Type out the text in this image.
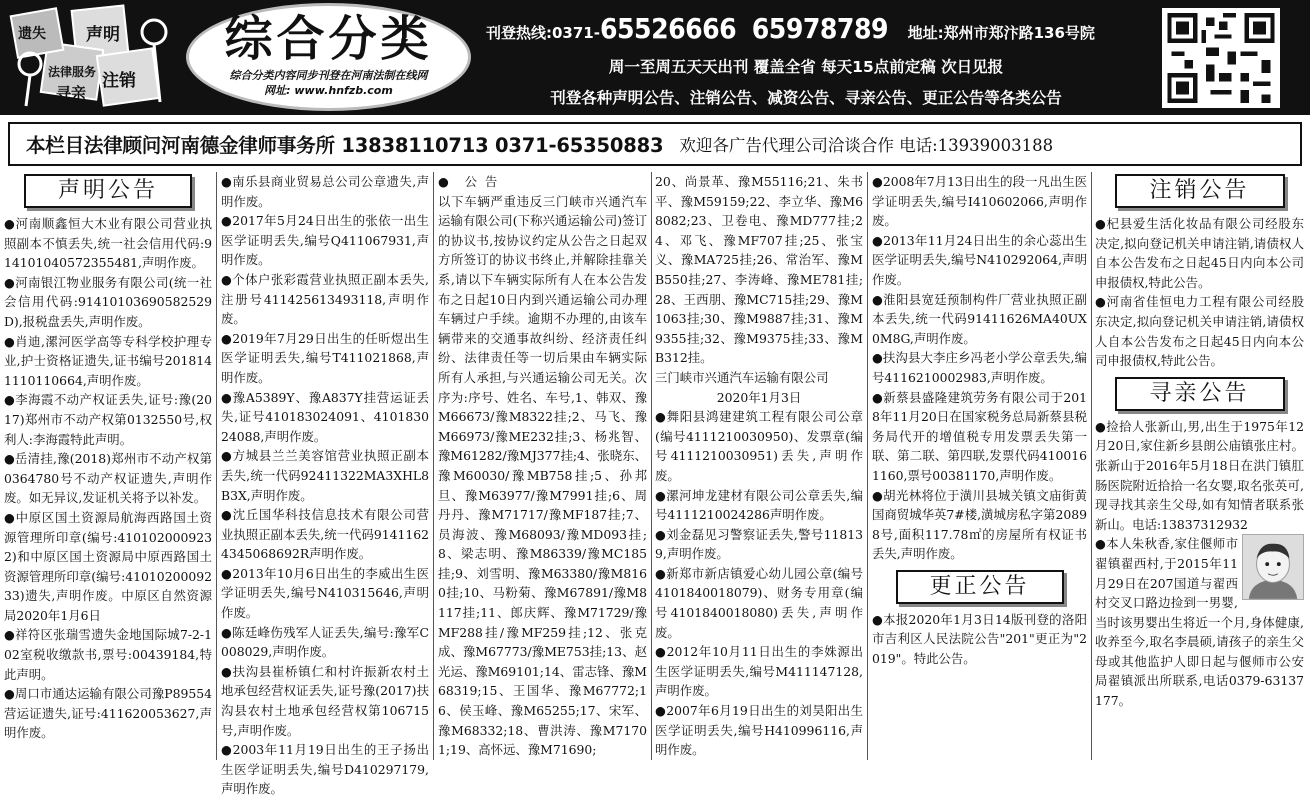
声明
注销
遗失
法律服务
寻亲
综合分类
综合分类内容同步刊登在河南法制在线网
网址: www.hnfzb.com
刊登热线:0371-65526666 65978789 地址:郑州市郑汴路136号院
周一至周五天天出刊 覆盖全省 每天15点前定稿 次日见报
刊登各种声明公告、注销公告、减资公告、寻亲公告、更正公告等各类公告
本栏目法律顾问河南德金律师事务所 13838110713 0371-65350883 欢迎各广告代理公司洽谈合作 电话:13939003188
声明公告

●河南顺鑫恒大木业有限公司营业执照副本不慎丢失,统一社会信用代码:914101040572355481,声明作废。

●河南银江物业服务有限公司(统一社会信用代码:91410103690582529D),报税盘丢失,声明作废。

●肖迪,漯河医学高等专科学校护理专业,护士资格证遗失,证书编号2018141110110664,声明作废。

●李海霞不动产权证丢失,证号:豫(2017)郑州市不动产权第0132550号,权利人:李海霞特此声明。

●岳清挂,豫(2018)郑州市不动产权第0364780号不动产权证遗失,声明作废。如无异议,发证机关将予以补发。

●中原区国土资源局航海西路国土资源管理所印章(编号:4101020009232)和中原区国土资源局中原西路国土资源管理所印章(编号:4101020009233)遗失,声明作废。中原区自然资源局2020年1月6日

●祥符区张瑞雪遗失金地国际城7-2-102室税收缴款书,票号:00439184,特此声明。

●周口市通达运输有限公司豫P89554营运证遗失,证号:411620053627,声明作废。

●南乐县商业贸易总公司公章遗失,声明作废。

●2017年5月24日出生的张依一出生医学证明丢失,编号Q411067931,声明作废。

●个体户张彩霞营业执照正副本丢失,注册号411425613493118,声明作废。

●2019年7月29日出生的任昕煜出生医学证明丢失,编号T411021868,声明作废。

●豫A5389Y、豫A837Y挂营运证丢失,证号410183024091、410183024088,声明作废。

●方城县兰兰美容馆营业执照正副本丢失,统一代码92411322MA3XHL8B3X,声明作废。

●沈丘国华科技信息技术有限公司营业执照正副本丢失,统一代码91411624345068692R声明作废。

●2013年10月6日出生的李威出生医学证明丢失,编号N410315646,声明作废。

●陈廷峰伤残军人证丢失,编号:豫军C008029,声明作废。

●扶沟县崔桥镇仁和村许振新农村土地承包经营权证丢失,证号豫(2017)扶沟县农村土地承包经营权第106715号,声明作废。

●2003年11月19日出生的王子扬出生医学证明丢失,编号D410297179,声明作废。

●    公  告

以下车辆严重违反三门峡市兴通汽车运输有限公司(下称兴通运输公司)签订的协议书,按协议约定从公告之日起双方所签订的协议书终止,并解除挂靠关系,请以下车辆实际所有人在本公告发布之日起10日内到兴通运输公司办理车辆过户手续。逾期不办理的,由该车辆带来的交通事故纠纷、经济责任纠纷、法律责任等一切后果由车辆实际所有人承担,与兴通运输公司无关。次序为:序号、姓名、车号,1、韩双、豫M66673/豫M8322挂;2、马飞、豫M66973/豫ME232挂;3、杨兆智、豫M61282/豫MJ377挂;4、张晓东、豫M60030/豫MB758挂;5、孙邦旦、豫M63977/豫M7991挂;6、周丹丹、豫M71717/豫MF187挂;7、员海波、豫M68093/豫MD093挂;8、梁志明、豫M86339/豫MC185挂;9、刘雪明、豫M63380/豫M8160挂;10、马粉菊、豫M67891/豫M8117挂;11、郎庆辉、豫M71729/豫MF288挂/豫MF259挂;12、张克成、豫M67773/豫ME753挂;13、赵光运、豫M69101;14、雷志锋、豫M68319;15、王国华、豫M67772;16、侯玉峰、豫M65255;17、宋军、豫M68332;18、曹洪涛、豫M71701;19、高怀远、豫M71690;

20、尚景革、豫M55116;21、朱书平、豫M59159;22、李立华、豫M68082;23、卫卷电、豫MD777挂;24、邓飞、豫MF707挂;25、张宝义、豫MA725挂;26、常治军、豫MB550挂;27、李涛峰、豫ME781挂;28、王西朋、豫MC715挂;29、豫M1063挂;30、豫M9887挂;31、豫M9355挂;32、豫M9375挂;33、豫MB312挂。

三门峡市兴通汽车运输有限公司

2020年1月3日

●舞阳县鸿建建筑工程有限公司公章(编号4111210030950)、发票章(编号4111210030951)丢失,声明作废。

●漯河坤龙建材有限公司公章丢失,编号4111210024286声明作废。

●刘金磊见习警察证丢失,警号118139,声明作废。

●新郑市新店镇爱心幼儿园公章(编号4101840018079)、财务专用章(编号4101840018080)丢失,声明作废。

●2012年10月11日出生的李姝源出生医学证明丢失,编号M411147128,声明作废。

●2007年6月19日出生的刘昊阳出生医学证明丢失,编号H410996116,声明作废。

●2008年7月13日出生的段一凡出生医学证明丢失,编号I410602066,声明作废。

●2013年11月24日出生的余心蕊出生医学证明丢失,编号N410292064,声明作废。

●淮阳县宽廷预制构件厂营业执照正副本丢失,统一代码91411626MA40UX0M8G,声明作废。

●扶沟县大李庄乡冯老小学公章丢失,编号4116210002983,声明作废。

●新蔡县盛隆建筑劳务有限公司于2018年11月20日在国家税务总局新蔡县税务局代开的增值税专用发票丢失第一联、第二联、第四联,发票代码4100161160,票号00381170,声明作废。

●胡光林将位于潢川县城关镇文庙街黄国商贸城华英7#楼,潢城房私字第20898号,面积117.78㎡的房屋所有权证书丢失,声明作废。

更正公告

●本报2020年1月3日14版刊登的洛阳市吉利区人民法院公告"201"更正为"2019"。特此公告。

注销公告

●杞县爱生活化妆品有限公司经股东决定,拟向登记机关申请注销,请债权人自本公告发布之日起45日内向本公司申报债权,特此公告。

●河南省佳恒电力工程有限公司经股东决定,拟向登记机关申请注销,请债权人自本公告发布之日起45日内向本公司申报债权,特此公告。

寻亲公告

●捡拾人张新山,男,出生于1975年12月20日,家住新乡县朗公庙镇张庄村。张新山于2016年5月18日在洪门镇肛肠医院附近拾拾一名女婴,取名张英可,现寻找其亲生父母,如有知情者联系张新山。电话:13837312932

●本人朱秋香,家住偃师市翟镇翟西村,于2015年11月29日在207国道与翟西村交叉口路边捡到一男婴,当时该男婴出生将近一个月,身体健康,收养至今,取名李晨硕,请孩子的亲生父母或其他监护人即日起与偃师市公安局翟镇派出所联系,电话0379-63137177。
